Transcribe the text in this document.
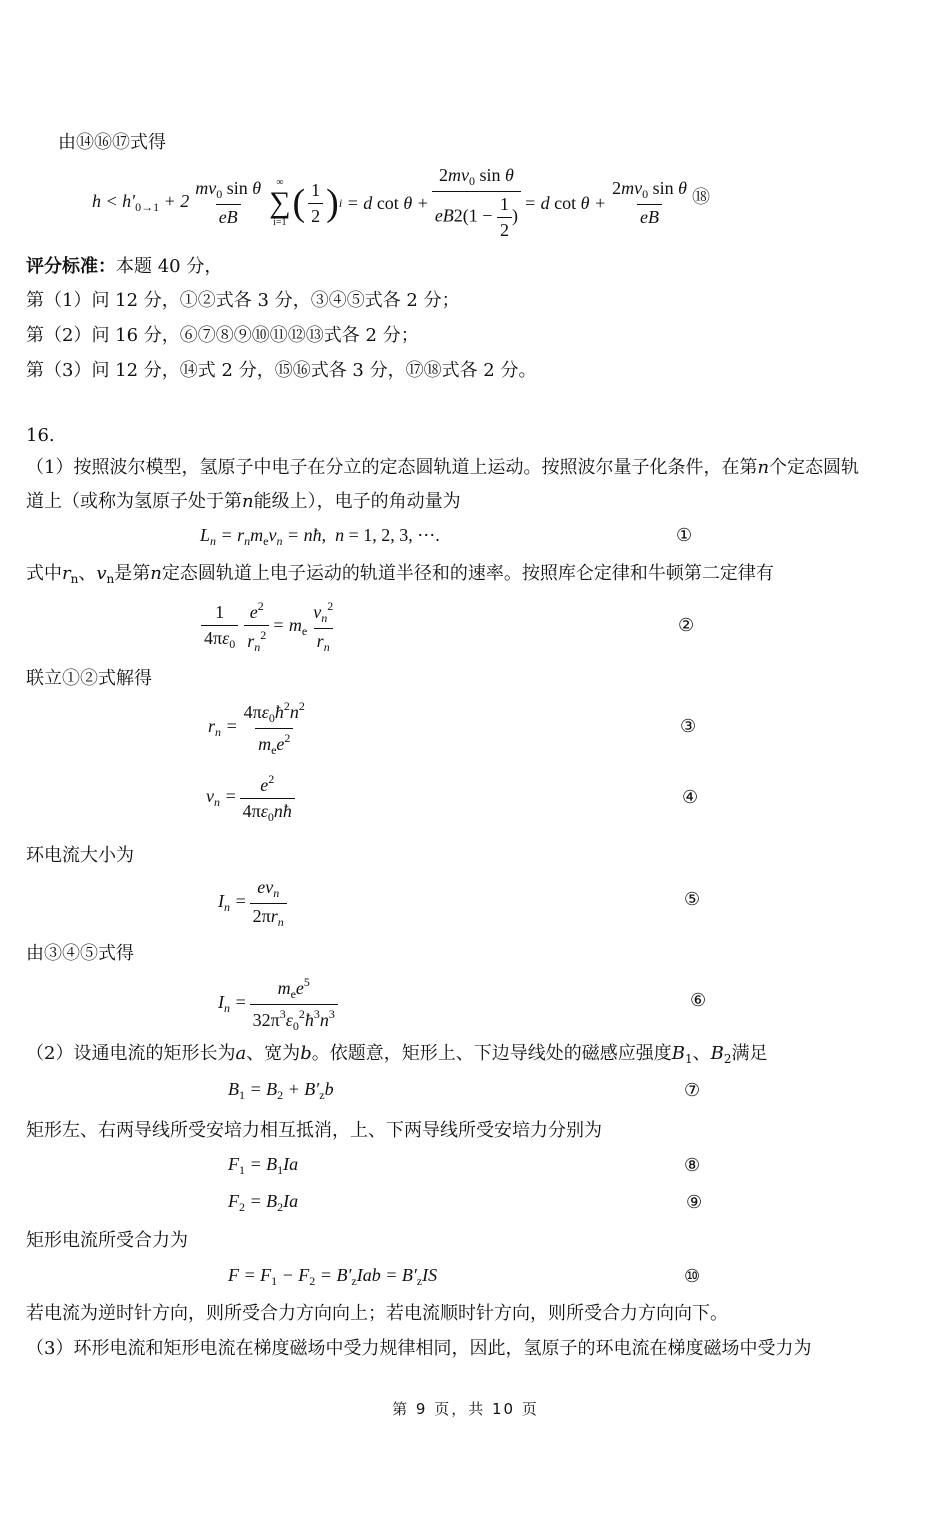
由⑭⑯⑰式得
$h < h'_{0\to 1} + 2 \frac{mv_0 \sin \theta}{eB}$ ∞
∑
i=1 ( $\frac{1}{2}$ ) i = d $\cot \theta + \frac{2mv_0 \sin \theta}{eB2(1 - \frac{1}{2} )} = d$ $\cot \theta + \frac{2mv_0 \sin \theta}{eB}$ ⑱
评分标准：本题 40 分，
第（1）问 12 分，①②式各 3 分，③④⑤式各 2 分；
第（2）问 16 分，⑥⑦⑧⑨⑩⑪⑫⑬式各 2 分；
第（3）问 12 分，⑭式 2 分，⑮⑯式各 3 分，⑰⑱式各 2 分。
16.
（1）按照波尔模型，氢原子中电子在分立的定态圆轨道上运动。按照波尔量子化条件，在第n个定态圆轨
道上（或称为氢原子处于第n能级上），电子的角动量为
$L_n = r_nm_ev_n$ = nħ,  n = 1, 2, 3, ⋯.	①
式中$r_n$、$v_n$是第n定态圆轨道上电子运动的轨道半径和的速率。按照库仑定律和牛顿第二定律有
$\frac{1}{4\pi\varepsilon_0} \frac{e^2}{r_n^2} = m_e \frac{v_n^2}{r_n}$	②
联立①②式解得
$r_n = \frac{4\pi\varepsilon_0ħ^2n^2}{m_ee^2}$	③
$v_n = \frac{e^2}{4\pi\varepsilon_0nħ}$	④
环电流大小为
$I_n = \frac{ev_n}{2\pi r_n}$	⑤
由③④⑤式得
$I_n = \frac{m_ee^5}{32\pi^3\varepsilon_0^2ħ^3n^3}$	⑥
（2）设通电流的矩形长为a、宽为b。依题意，矩形上、下边导线处的磁感应强度$B_1$、$B_2$满足
$B_1 = B_2 + B'_zb$	⑦
矩形左、右两导线所受安培力相互抵消，上、下两导线所受安培力分别为
$F_1 = B_1Ia$	⑧
$F_2 = B_2Ia$	⑨
矩形电流所受合力为
$F = F_1 - F_2 = B'_zIab = B'_zIS$	⑩
若电流为逆时针方向，则所受合力方向向上；若电流顺时针方向，则所受合力方向向下。
（3）环形电流和矩形电流在梯度磁场中受力规律相同，因此，氢原子的环电流在梯度磁场中受力为
第 9 页，共 10 页
